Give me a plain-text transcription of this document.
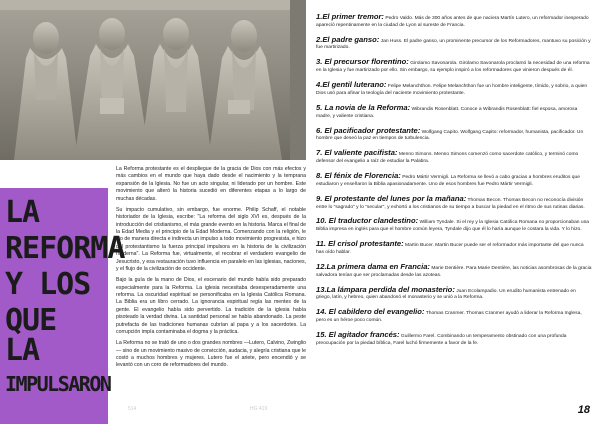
LA
REFORMA
Y LOS
QUE LA
IMPULSARON

La Reforma protestante es el despliegue de la gracia de Dios con más efectos y más cambios en el mundo que haya dado desde el nacimiento y la temprana expansión de la Iglesia. No fue un acto singular, ni liderado por un hombre. Este movimiento que alteró la historia sucedió en diferentes etapas a lo largo de muchas décadas.

Su impacto cumulativo, sin embargo, fue enorme. Philip Schaff, el notable historiador de la Iglesia, escribe: "La reforma del siglo XVI es, después de la introducción del cristianismo, el más grande evento en la historia. Marca el final de la Edad Media y el principio de la Edad Moderna. Comenzando con la religión, le dio de manera directa e indirecta un impulso a todo movimiento progresista, e hizo del protestantismo la fuerza principal impulsora en la historia de la civilización moderna". La Reforma fue, virtualmente, el recobrar el verdadero evangelio de Jesucristo, y esa restauración tuvo influencia en paralelo en las iglesias, naciones, y el flujo de la civilización de occidente.

Bajo la guía de la mano de Dios, el escenario del mundo había sido preparado especialmente para la Reforma. La iglesia necesitaba desesperadamente una reforma. La oscuridad espiritual se personificaba en la Iglesia Católica Romana. La Biblia era un libro cerrado. La ignorancia espiritual regía las mentes de la gente. El evangelio había sido pervertido. La tradición de la iglesia había pisoteado la verdad divina. La santidad personal se había abandonado. La peste putrefacta de las tradiciones humanas cubrían al papa y a los sacerdotes. La corrupción impía contaminaba el dogma y la práctica.

La Reforma no se trató de uno o dos grandes nombres —Lutero, Calvino, Zwinglio— sino de un movimiento masivo de convicción, audacia, y alegría cristiana que le costó a muchos hombres y mujeres. Lutero fue el ariete, pero encendió y se levantó con un coro de reformadores del mundo.

514	HG 419
1.El primer tremor: Pedro Valdo. Más de 300 años antes de que naciera Martín Lutero, un reformador inesperado apareció repentinamente en la ciudad de Lyon al sureste de Francia.
2.El padre ganso: Jan Huss. El padre ganso, un prominente precursor de los Reformadores, mantuvo su posición y fue martirizado.
3. El precursor florentino: Girolamo Savonarola. Girolamo Savonarola proclamó la necesidad de una reforma en la Iglesia y fue martirizado por ello. Sin embargo, su ejemplo inspiró a los reformadores que vinieron después de él.
4.El gentil luterano: Felipe Melanchthon. Felipe Melanchthon fue un hombre inteligente, tímido, y sobrio, a quien Dios usó para afinar la teología del naciente movimiento protestante.
5. La novia de la Reforma: Wibrandis Rosenblatt. Conoce a Wibrandis Rosenblatt: fiel esposa, amorosa madre, y valiente cristiana.
6. El pacificador protestante: Wolfgang Capito. Wolfgang Capito: reformador, humanista, pacificador. Un hombre que deseó la paz en tiempos de turbulencia.
7. El valiente pacifista: Menno Simons. Menno Simons comenzó como sacerdote católico, y terminó como defensor del evangelio a raíz de estudiar la Palabra.
8. El fénix de Florencia: Pedro Mártir Vermigli. La Reforma se llevó a cabo gracias a hombres eruditos que estudiaron y enseñaron la Biblia apasionadamente. Uno de esos hombres fue Pedro Mártir Vermigli.
9. El protestante del lunes por la mañana: Thomas Becon. Thomas Becon no reconocía división entre lo "sagrado" y lo "secular", y exhortó a los cristianos de su tiempo a buscar la piedad en el ritmo de sus rutinas diarias.
10. El traductor clandestino: William Tyndale. Si el rey y la Iglesia Católica Romana no proporcionaban una Biblia impresa en inglés para que el hombre común leyera, Tyndale dijo que él lo haría aunque le costara la vida. Y lo hizo.
11. El crisol protestante: Martin Bucer. Martin Bucer puede ser el reformador más importante del que nunca has oído hablar.
12.La primera dama en Francia: Marie Dentière. Para Marie Dentière, las noticias asombrosas de la gracia salvadora tenían que ser proclamadas desde las azoteas.
13.La lámpara perdida del monasterio: Juan Ecolampadio. Un erudito humanista entrenado en griego, latín, y hebreo, quien abandonó el monasterio y se unió a la Reforma.
14. El cabildero del evangelio: Thomas Cranmer. Thomas Cranmer ayudó a liderar la Reforma Inglesa, pero es un héroe poco común.
15. El agitador francés: Guillermo Farel. Combinando un temperamento obstinado con una profunda preocupación por la piedad bíblica, Farel luchó firmemente a favor de la fe.
18
